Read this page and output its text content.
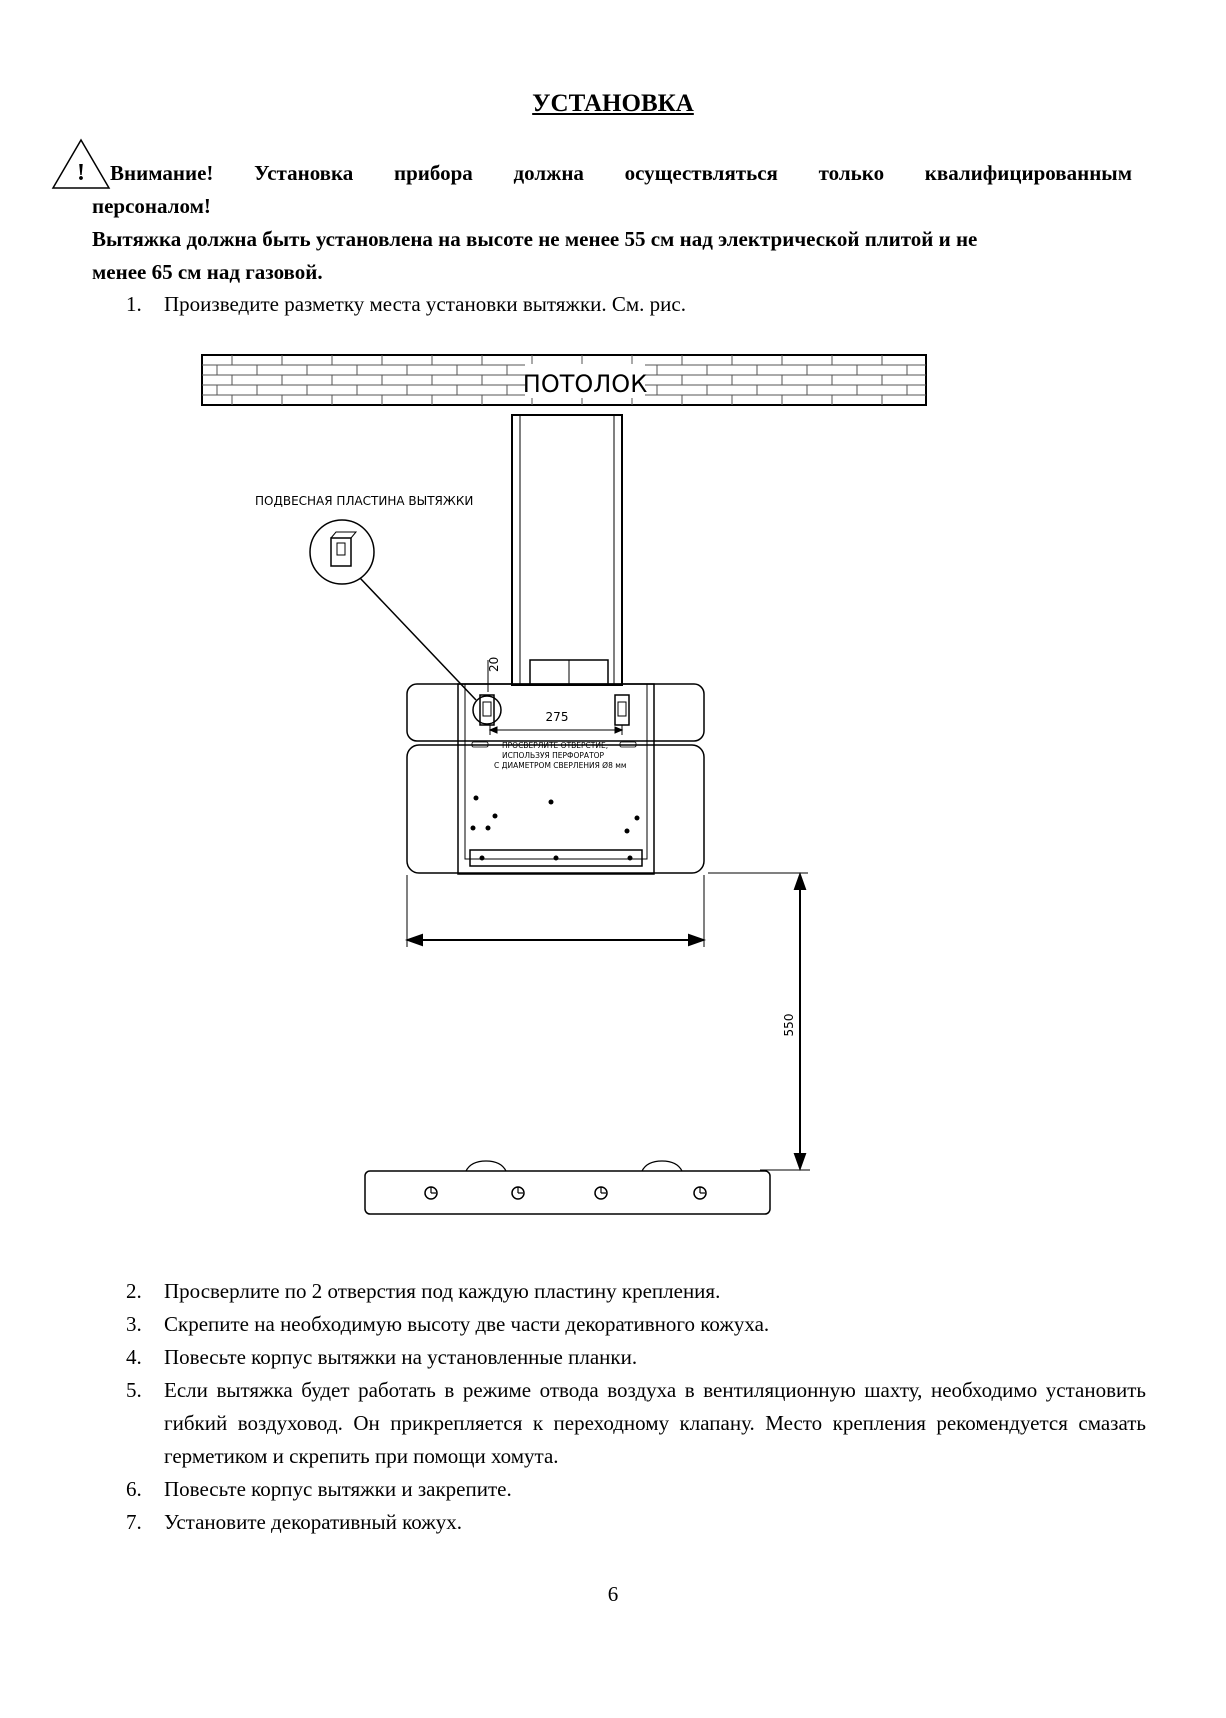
УСТАНОВКА
!	Внимание! Установка прибора должна осуществляться только квалифицированным
персоналом!
Вытяжка должна быть установлена на высоте не менее 55 см над электрической плитой и не
менее 65 см над газовой.
1.	Произведите разметку места установки вытяжки. См. рис.
ПОТОЛОК
ПОДВЕСНАЯ ПЛАСТИНА ВЫТЯЖКИ
20
275
ПРОСВЕРЛИТЕ ОТВЕРСТИЕ,
ИСПОЛЬЗУЯ ПЕРФОРАТОР
С ДИАМЕТРОМ СВЕРЛЕНИЯ Ø8 мм
550
2.	Просверлите по 2 отверстия под каждую пластину крепления.
3.	Скрепите на необходимую высоту две части декоративного кожуха.
4.	Повесьте корпус вытяжки на установленные планки.
5.	Если вытяжка будет работать в режиме отвода воздуха в вентиляционную шахту, необходимо установить гибкий воздуховод. Он прикрепляется к переходному клапану. Место крепления рекомендуется смазать герметиком и скрепить при помощи хомута.
6.	Повесьте корпус вытяжки и закрепите.
7.	Установите декоративный кожух.
6
